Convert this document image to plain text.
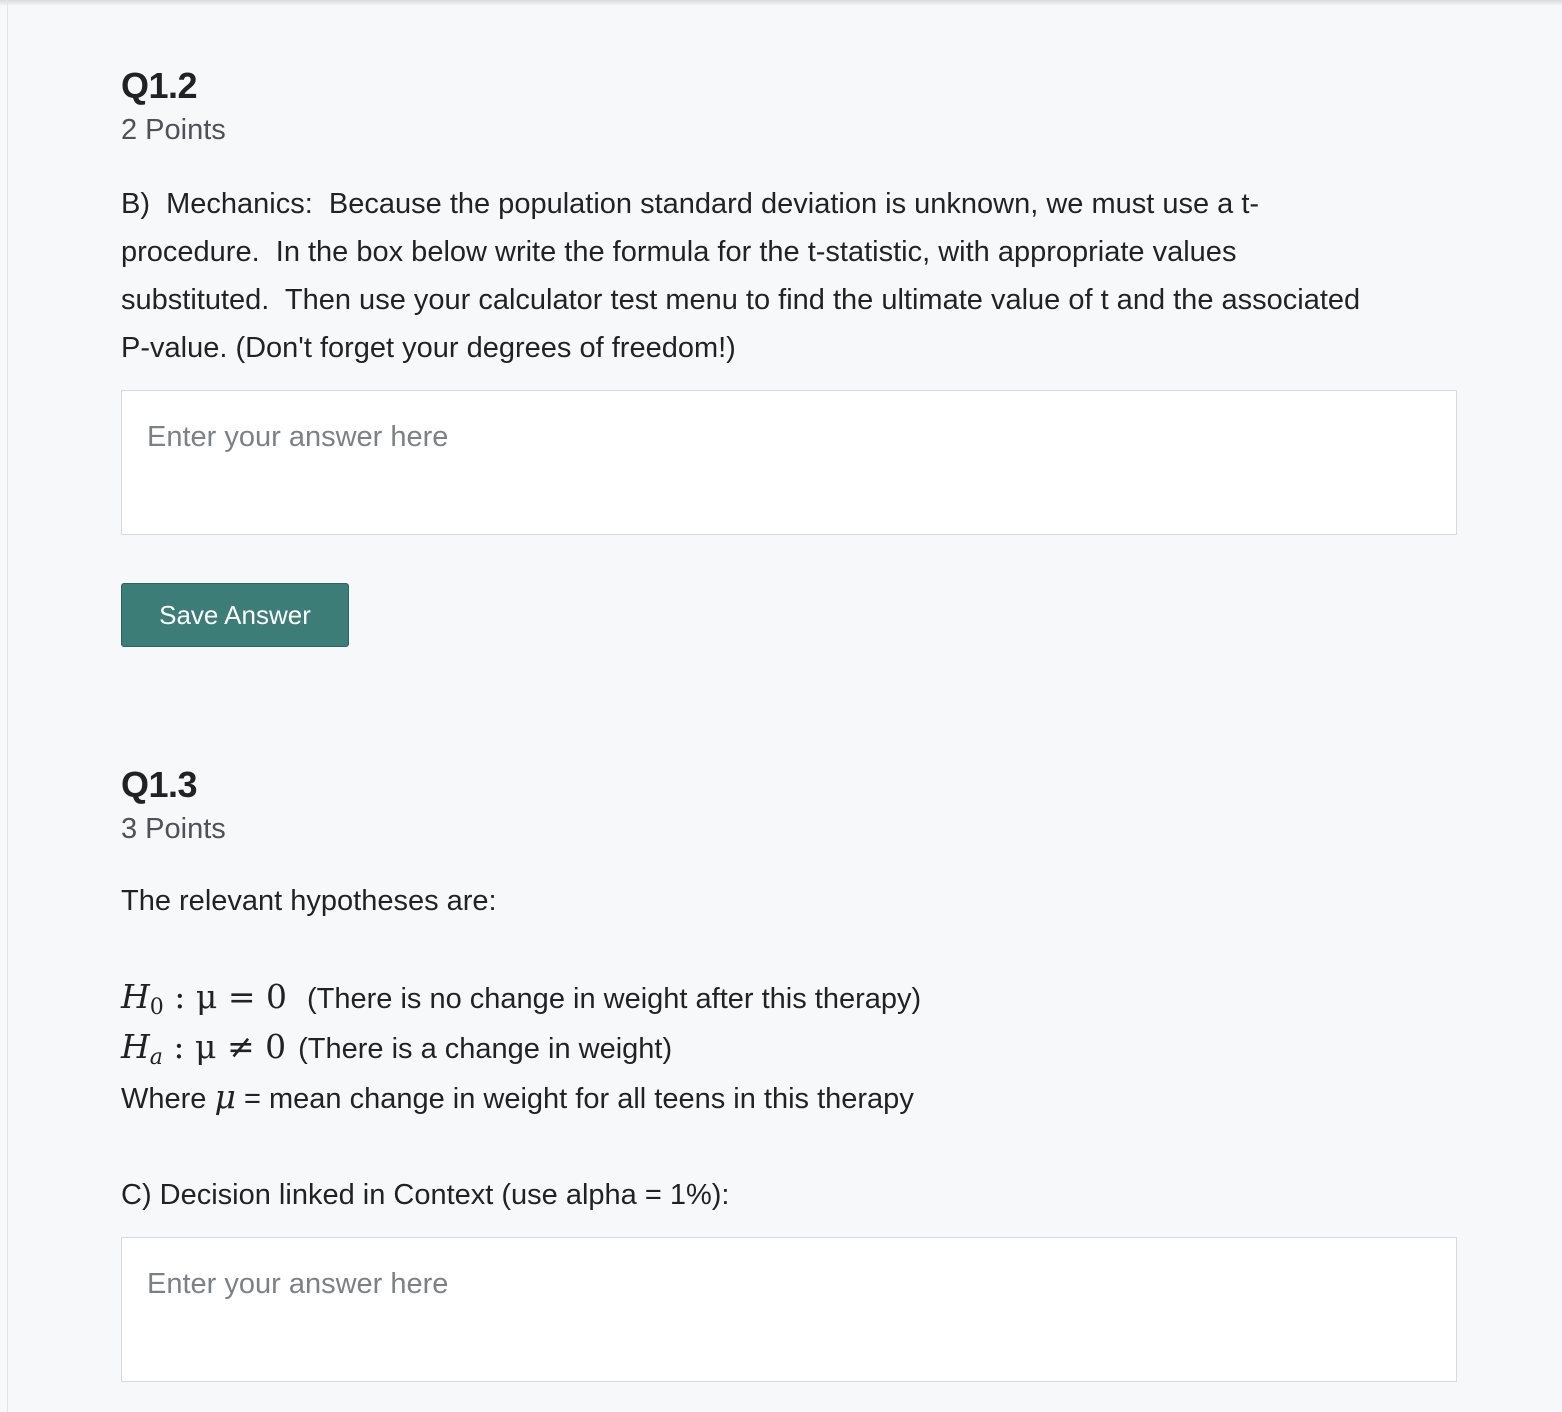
Q1.2

2 Points

B)  Mechanics:  Because the population standard deviation is unknown, we must use a t-procedure.  In the box below write the formula for the t-statistic, with appropriate values substituted.  Then use your calculator test menu to find the ultimate value of t and the associated P-value. (Don't forget your degrees of freedom!)

Enter your answer here Save Answer
Q1.3

3 Points

The relevant hypotheses are:

$H_0$ : μ = 0 (There is no change in weight after this therapy)

$H_a$ : μ ≠ 0 (There is a change in weight)

Where μ = mean change in weight for all teens in this therapy

C) Decision linked in Context (use alpha = 1%):

Enter your answer here
